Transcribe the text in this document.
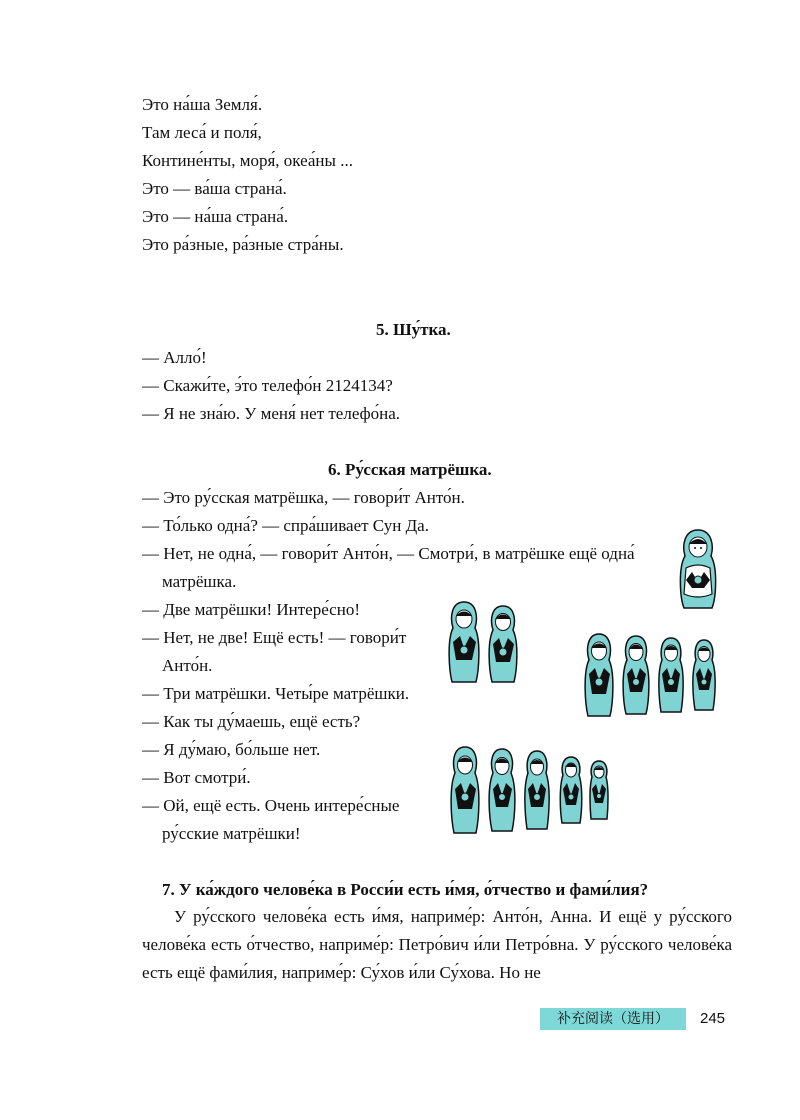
Это на́ша Земля́.
Там леса́ и поля́,
Контине́нты, моря́, океа́ны ...
Это — ва́ша страна́.
Это — на́ша страна́.
Это ра́зные, ра́зные стра́ны.
5. Шу́тка.
— Алло́!
— Скажи́те, э́то телефо́н 2124134?
— Я не зна́ю. У меня́ нет телефо́на.
6. Ру́сская матрёшка.
— Это ру́сская матрёшка, — говори́т Анто́н.
— То́лько одна́? — спра́шивает Сун Да.
— Нет, не одна́, — говори́т Анто́н, — Смотри́, в матрёшке ещё одна́
матрёшка.
— Две матрёшки! Интере́сно!
— Нет, не две! Ещё есть! — говори́т
Анто́н.
— Три матрёшки. Четы́ре матрёшки.
— Как ты ду́маешь, ещё есть?
— Я ду́маю, бо́льше нет.
— Вот смотри́.
— Ой, ещё есть. Очень интере́сные
ру́сские матрёшки!
7. У ка́ждого челове́ка в Росси́и есть и́мя, о́тчество и фами́лия?
У ру́сского челове́ка есть и́мя, наприме́р: Анто́н, Анна. И ещё у ру́сского челове́ка есть о́тчество, наприме́р: Петро́вич и́ли Петро́вна. У ру́сского челове́ка есть ещё фами́лия, наприме́р: Су́хов и́ли Су́хова. Но не
补充阅读（选用）	245
